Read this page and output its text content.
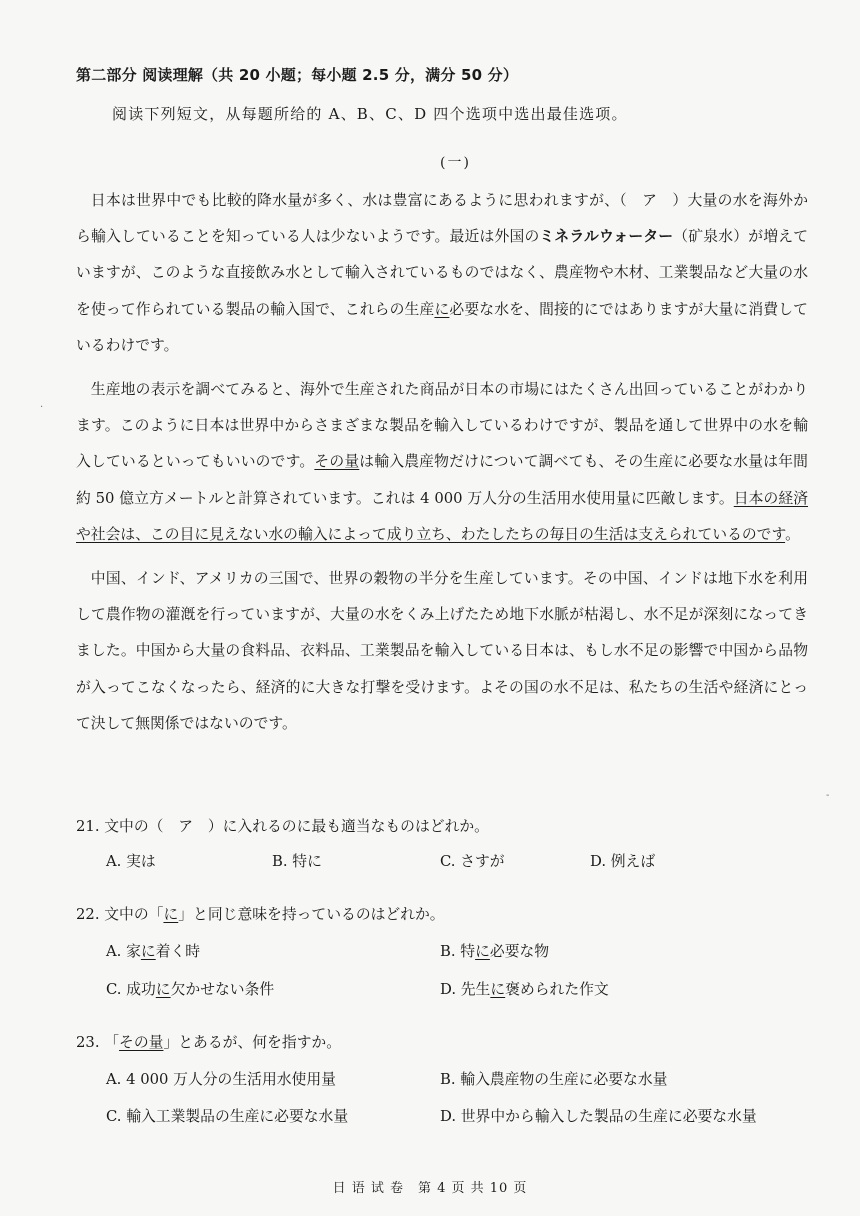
第二部分 阅读理解（共 20 小题；每小题 2.5 分，满分 50 分）
阅读下列短文，从每题所给的 A、B、C、D 四个选项中选出最佳选项。
(一)

日本は世界中でも比較的降水量が多く、水は豊富にあるように思われますが、（　ア　）大量の水を海外から輸入していることを知っている人は少ないようです。最近は外国のミネラルウォーター（矿泉水）が増えていますが、このような直接飲み水として輸入されているものではなく、農産物や木材、工業製品など大量の水を使って作られている製品の輸入国で、これらの生産に必要な水を、間接的にではありますが大量に消費しているわけです。

生産地の表示を調べてみると、海外で生産された商品が日本の市場にはたくさん出回っていることがわかります。このように日本は世界中からさまざまな製品を輸入しているわけですが、製品を通して世界中の水を輸入しているといってもいいのです。その量は輸入農産物だけについて調べても、その生産に必要な水量は年間約 50 億立方メートルと計算されています。これは 4 000 万人分の生活用水使用量に匹敵します。日本の経済や社会は、この目に見えない水の輸入によって成り立ち、わたしたちの毎日の生活は支えられているのです。

中国、インド、アメリカの三国で、世界の穀物の半分を生産しています。その中国、インドは地下水を利用して農作物の灌漑を行っていますが、大量の水をくみ上げたため地下水脈が枯渇し、水不足が深刻になってきました。中国から大量の食料品、衣料品、工業製品を輸入している日本は、もし水不足の影響で中国から品物が入ってこなくなったら、経済的に大きな打撃を受けます。よその国の水不足は、私たちの生活や経済にとって決して無関係ではないのです。

21. 文中の（　ア　）に入れるのに最も適当なものはどれか。
A. 実は	B. 特に	C. さすが	D. 例えば
22. 文中の「に」と同じ意味を持っているのはどれか。
A. 家に着く時	B. 特に必要な物
C. 成功に欠かせない条件	D. 先生に褒められた作文
23. 「その量」とあるが、何を指すか。
A. 4 000 万人分の生活用水使用量	B. 輸入農産物の生産に必要な水量
C. 輸入工業製品の生産に必要な水量	D. 世界中から輸入した製品の生産に必要な水量
日 语 试 卷　第 4 页 共 10 页
·
‐
